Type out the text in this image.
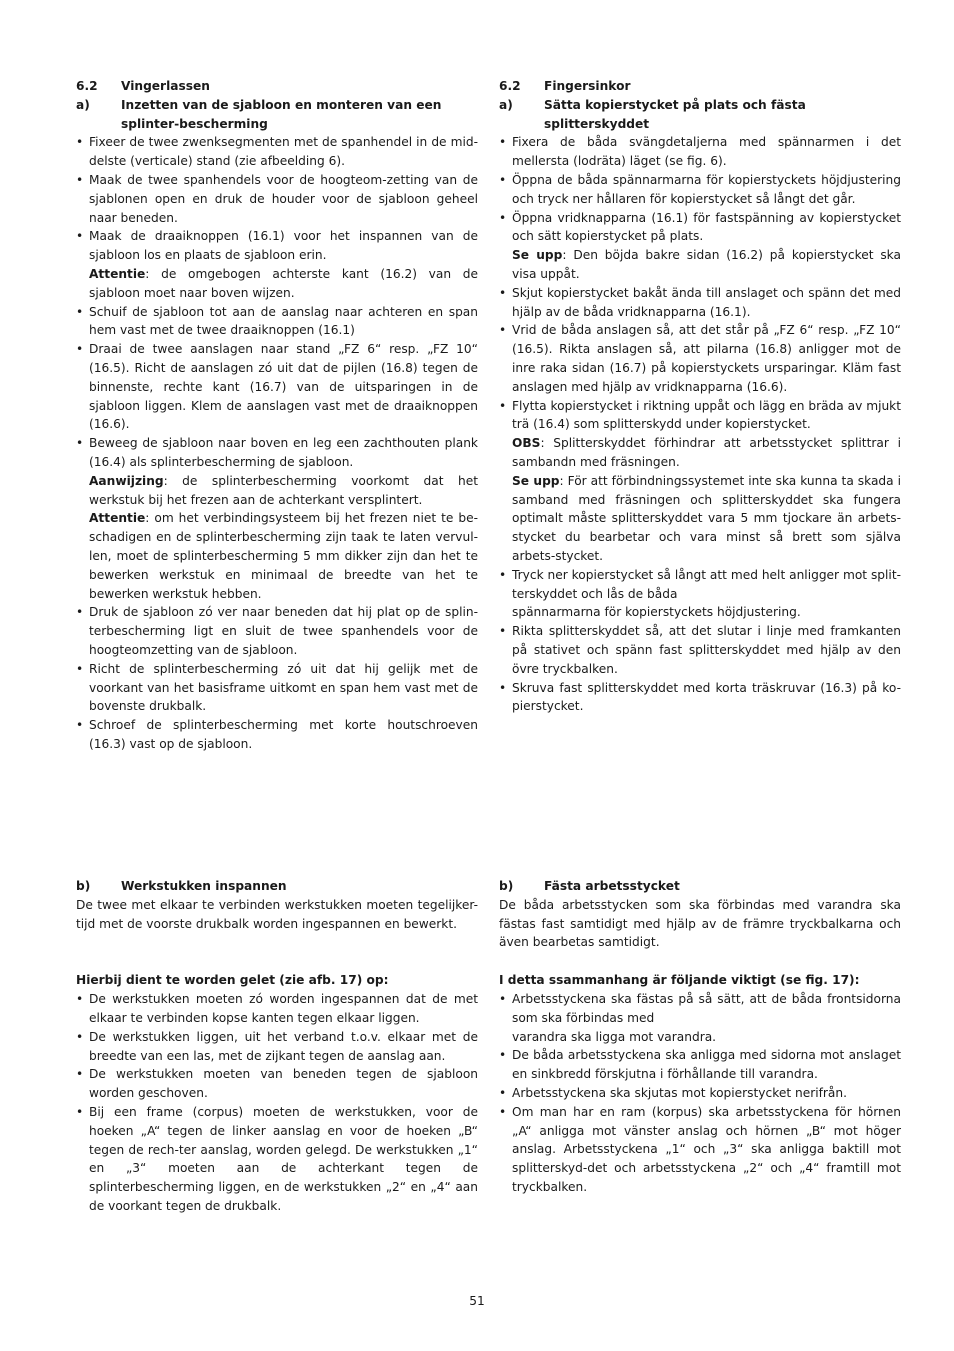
6.2	Vingerlassen
a)	Inzetten van de sjabloon en monteren van een splinter-bescherming
• Fixeer de twee zwenksegmenten met de spanhendel in de mid-delste (verticale) stand (zie afbeelding 6).
• Maak de twee spanhendels voor de hoogteom-zetting van de sjablonen open en druk de houder voor de sjabloon geheel naar beneden.
• Maak de draaiknoppen (16.1) voor het inspannen van de sjabloon los en plaats de sjabloon erin.
Attentie: de omgebogen achterste kant (16.2) van de sjabloon moet naar boven wijzen.
• Schuif de sjabloon tot aan de aanslag naar achteren en span hem vast met de twee draaiknoppen (16.1)
• Draai de twee aanslagen naar stand „FZ 6“ resp. „FZ 10“ (16.5). Richt de aanslagen zó uit dat de pijlen (16.8) tegen de binnenste, rechte kant (16.7) van de uitsparingen in de sjabloon liggen. Klem de aanslagen vast met de draaiknoppen (16.6).
• Beweeg de sjabloon naar boven en leg een zachthouten plank (16.4) als splinterbescherming de sjabloon.
Aanwijzing: de splinterbescherming voorkomt dat het werkstuk bij het frezen aan de achterkant versplintert.
Attentie: om het verbindingsysteem bij het frezen niet te be-schadigen en de splinterbescherming zijn taak te laten vervul-len, moet de splinterbescherming 5 mm dikker zijn dan het te bewerken werkstuk en minimaal de breedte van het te bewerken werkstuk hebben.
• Druk de sjabloon zó ver naar beneden dat hij plat op de splin-terbescherming ligt en sluit de twee spanhendels voor de hoogteomzetting van de sjabloon.
• Richt de splinterbescherming zó uit dat hij gelijk met de voorkant van het basisframe uitkomt en span hem vast met de bovenste drukbalk.
• Schroef de splinterbescherming met korte houtschroeven (16.3) vast op de sjabloon.
6.2	Fingersinkor
a)	Sätta kopierstycket på plats och fästa splitterskyddet
• Fixera de båda svängdetaljerna med spännarmen i det mellersta (lodräta) läget (se fig. 6).
• Öppna de båda spännarmarna för kopierstyckets höjdjustering och tryck ner hållaren för kopierstycket så långt det går.
• Öppna vridknapparna (16.1) för fastspänning av kopierstycket och sätt kopierstycket på plats.
Se upp: Den böjda bakre sidan (16.2) på kopierstycket ska visa uppåt.
• Skjut kopierstycket bakåt ända till anslaget och spänn det med hjälp av de båda vridknapparna (16.1).
• Vrid de båda anslagen så, att det står på „FZ 6“ resp. „FZ 10“ (16.5). Rikta anslagen så, att pilarna (16.8) anligger mot de inre raka sidan (16.7) på kopierstyckets ursparingar. Kläm fast anslagen med hjälp av vridknapparna (16.6).
• Flytta kopierstycket i riktning uppåt och lägg en bräda av mjukt trä (16.4) som splitterskydd under kopierstycket.
OBS: Splitterskyddet förhindrar att arbetsstycket splittrar i sambandn med fräsningen.
Se upp: För att förbindningssystemet inte ska kunna ta skada i samband med fräsningen och splitterskyddet ska fungera optimalt måste splitterskyddet vara 5 mm tjockare än arbets-stycket du bearbetar och vara minst så brett som själva arbets-stycket.
• Tryck ner kopierstycket så långt att med helt anligger mot split-terskyddet och lås de båda
spännarmarna för kopierstyckets höjdjustering.
• Rikta splitterskyddet så, att det slutar i linje med framkanten på stativet och spänn fast splitterskyddet med hjälp av den övre tryckbalken.
• Skruva fast splitterskyddet med korta träskruvar (16.3) på ko-pierstycket.
b)	Werkstukken inspannen
De twee met elkaar te verbinden werkstukken moeten tegelijker-tijd met de voorste drukbalk worden ingespannen en bewerkt.
Hierbij dient te worden gelet (zie afb. 17) op:
• De werkstukken moeten zó worden ingespannen dat de met elkaar te verbinden kopse kanten tegen elkaar liggen.
• De werkstukken liggen, uit het verband t.o.v. elkaar met de breedte van een las, met de zijkant tegen de aanslag aan.
• De werkstukken moeten van beneden tegen de sjabloon worden geschoven.
• Bij een frame (corpus) moeten de werkstukken, voor de hoeken „A“ tegen de linker aanslag en voor de hoeken „B“ tegen de rech-ter aanslag, worden gelegd. De werkstukken „1“ en „3“ moeten aan de achterkant tegen de splinterbescherming liggen, en de werkstukken „2“ en „4“ aan de voorkant tegen de drukbalk.
b)	Fästa arbetsstycket
De båda arbetsstycken som ska förbindas med varandra ska fästas fast samtidigt med hjälp av de främre tryckbalkarna och även bearbetas samtidigt.
I detta ssammanhang är följande viktigt (se fig. 17):
• Arbetsstyckena ska fästas på så sätt, att de båda frontsidorna som ska förbindas med
varandra ska ligga mot varandra.
• De båda arbetsstyckena ska anligga med sidorna mot anslaget en sinkbredd förskjutna i förhållande till varandra.
• Arbetsstyckena ska skjutas mot kopierstycket nerifrån.
• Om man har en ram (korpus) ska arbetsstyckena för hörnen „A“ anligga mot vänster anslag och hörnen „B“ mot höger anslag. Arbetsstyckena „1“ och „3“ ska anligga baktill mot splitterskyd-det och arbetsstyckena „2“ och „4“ framtill mot tryckbalken.
51
